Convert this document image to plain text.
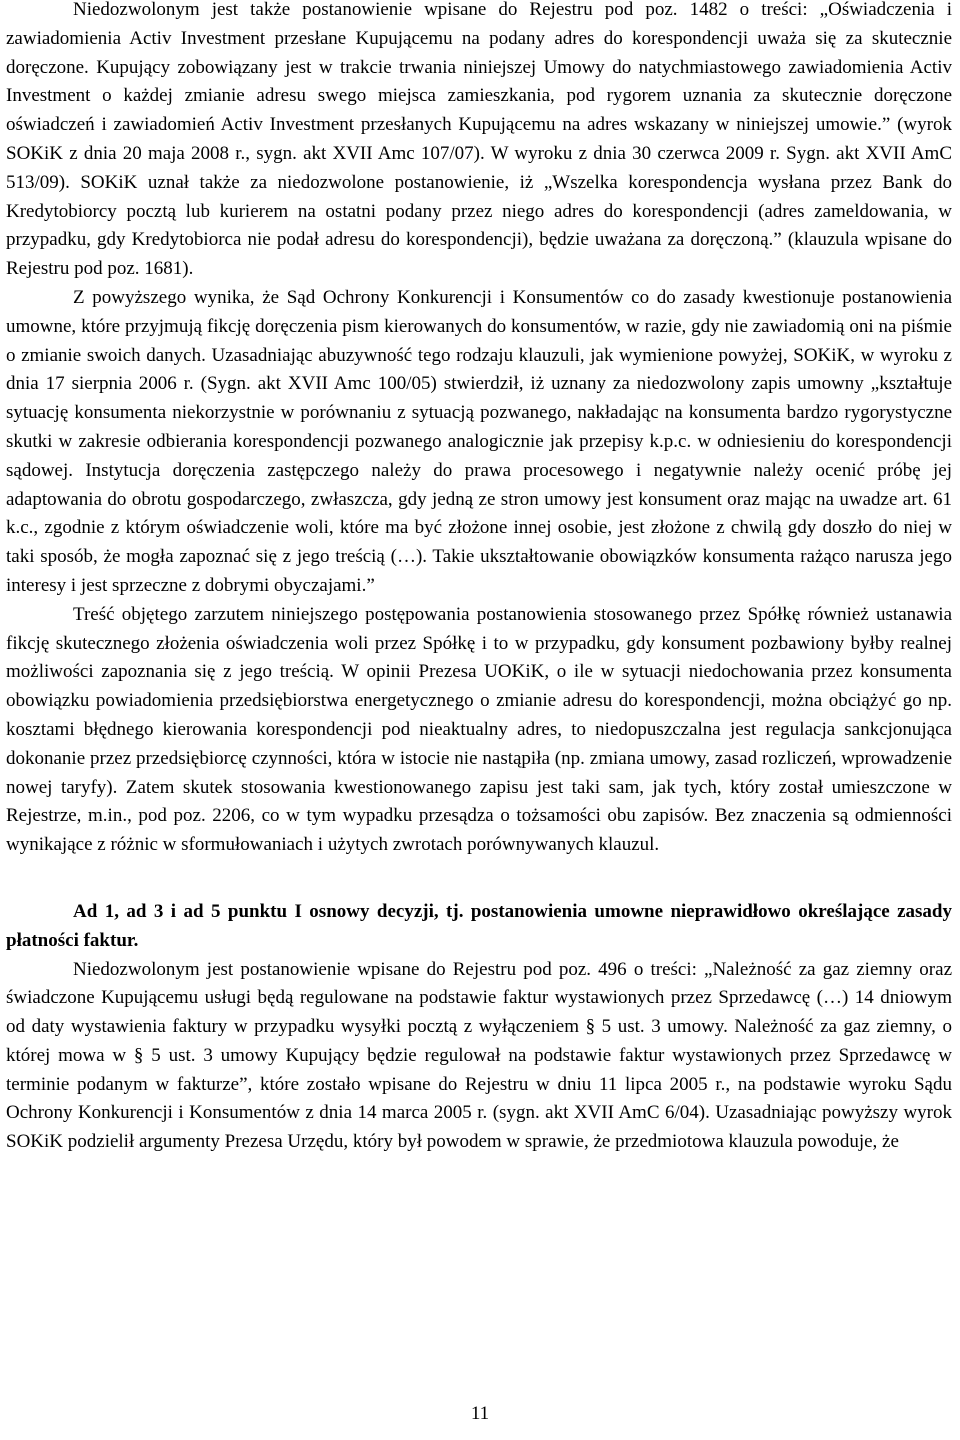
Niedozwolonym jest także postanowienie wpisane do Rejestru pod poz. 1482 o treści: „Oświadczenia i zawiadomienia Activ Investment przesłane Kupującemu na podany adres do korespondencji uważa się za skutecznie doręczone. Kupujący zobowiązany jest w trakcie trwania niniejszej Umowy do natychmiastowego zawiadomienia Activ Investment o każdej zmianie adresu swego miejsca zamieszkania, pod rygorem uznania za skutecznie doręczone oświadczeń i zawiadomień Activ Investment przesłanych Kupującemu na adres wskazany w niniejszej umowie.” (wyrok SOKiK z dnia 20 maja 2008 r., sygn. akt XVII Amc 107/07). W wyroku z dnia 30 czerwca 2009 r. Sygn. akt XVII AmC 513/09). SOKiK uznał także za niedozwolone postanowienie, iż „Wszelka korespondencja wysłana przez Bank do Kredytobiorcy pocztą lub kurierem na ostatni podany przez niego adres do korespondencji (adres zameldowania, w przypadku, gdy Kredytobiorca nie podał adresu do korespondencji), będzie uważana za doręczoną.” (klauzula wpisane do Rejestru pod poz. 1681).

Z powyższego wynika, że Sąd Ochrony Konkurencji i Konsumentów co do zasady kwestionuje postanowienia umowne, które przyjmują fikcję doręczenia pism kierowanych do konsumentów, w razie, gdy nie zawiadomią oni na piśmie o zmianie swoich danych. Uzasadniając abuzywność tego rodzaju klauzuli, jak wymienione powyżej, SOKiK, w wyroku z dnia 17 sierpnia 2006 r. (Sygn. akt XVII Amc 100/05) stwierdził, iż uznany za niedozwolony zapis umowny „kształtuje sytuację konsumenta niekorzystnie w porównaniu z sytuacją pozwanego, nakładając na konsumenta bardzo rygorystyczne skutki w zakresie odbierania korespondencji pozwanego analogicznie jak przepisy k.p.c. w odniesieniu do korespondencji sądowej. Instytucja doręczenia zastępczego należy do prawa procesowego i negatywnie należy ocenić próbę jej adaptowania do obrotu gospodarczego, zwłaszcza, gdy jedną ze stron umowy jest konsument oraz mając na uwadze art. 61 k.c., zgodnie z którym oświadczenie woli, które ma być złożone innej osobie, jest złożone z chwilą gdy doszło do niej w taki sposób, że mogła zapoznać się z jego treścią (…). Takie ukształtowanie obowiązków konsumenta rażąco narusza jego interesy i jest sprzeczne z dobrymi obyczajami.”

Treść objętego zarzutem niniejszego postępowania postanowienia stosowanego przez Spółkę również ustanawia fikcję skutecznego złożenia oświadczenia woli przez Spółkę i to w przypadku, gdy konsument pozbawiony byłby realnej możliwości zapoznania się z jego treścią. W opinii Prezesa UOKiK, o ile w sytuacji niedochowania przez konsumenta obowiązku powiadomienia przedsiębiorstwa energetycznego o zmianie adresu do korespondencji, można obciążyć go np. kosztami błędnego kierowania korespondencji pod nieaktualny adres, to niedopuszczalna jest regulacja sankcjonująca dokonanie przez przedsiębiorcę czynności, która w istocie nie nastąpiła (np. zmiana umowy, zasad rozliczeń, wprowadzenie nowej taryfy). Zatem skutek stosowania kwestionowanego zapisu jest taki sam, jak tych, który został umieszczone w Rejestrze, m.in., pod poz. 2206, co w tym wypadku przesądza o tożsamości obu zapisów. Bez znaczenia są odmienności wynikające z różnic w sformułowaniach i użytych zwrotach porównywanych klauzul.

Ad 1, ad 3 i ad 5 punktu I osnowy decyzji, tj. postanowienia umowne nieprawidłowo określające zasady płatności faktur.

Niedozwolonym jest postanowienie wpisane do Rejestru pod poz. 496 o treści: „Należność za gaz ziemny oraz świadczone Kupującemu usługi będą regulowane na podstawie faktur wystawionych przez Sprzedawcę (…) 14 dniowym od daty wystawienia faktury w przypadku wysyłki pocztą z wyłączeniem § 5 ust. 3 umowy. Należność za gaz ziemny, o której mowa w § 5 ust. 3 umowy Kupujący będzie regulował na podstawie faktur wystawionych przez Sprzedawcę w terminie podanym w fakturze”, które zostało wpisane do Rejestru w dniu 11 lipca 2005 r., na podstawie wyroku Sądu Ochrony Konkurencji i Konsumentów z dnia 14 marca 2005 r. (sygn. akt XVII AmC 6/04). Uzasadniając powyższy wyrok SOKiK podzielił argumenty Prezesa Urzędu, który był powodem w sprawie, że przedmiotowa klauzula powoduje, że

11
